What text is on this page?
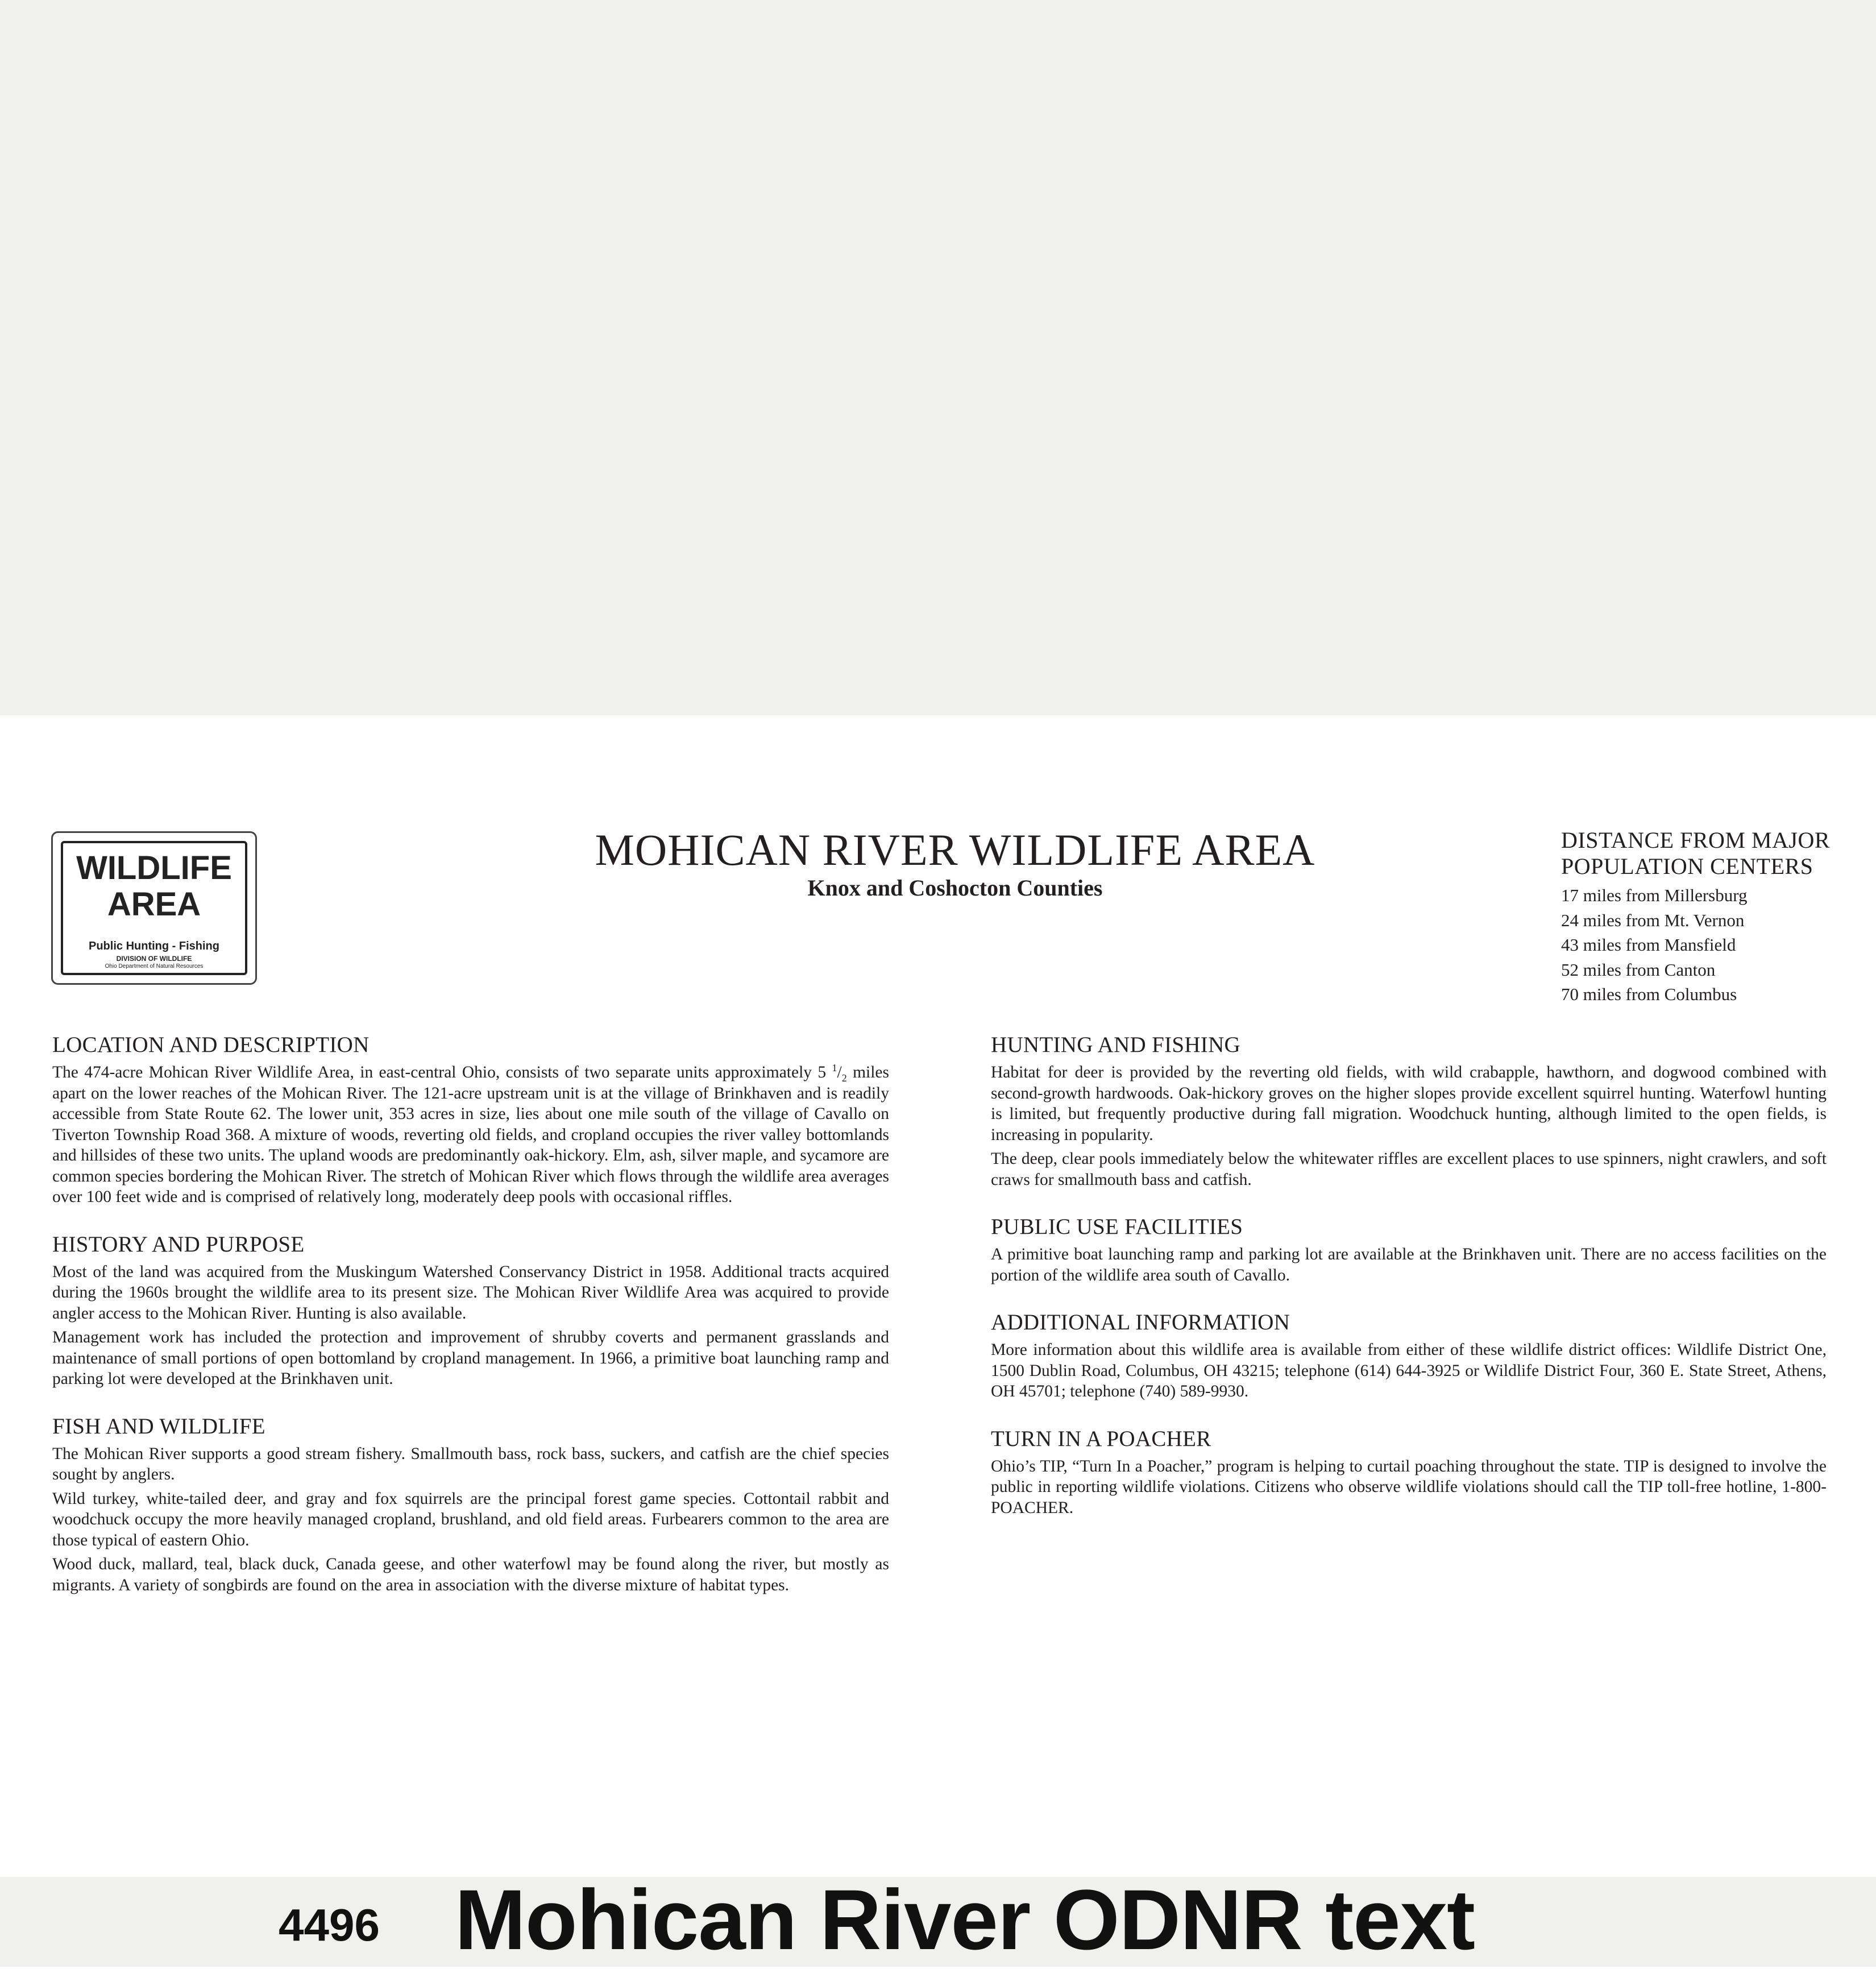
WILDLIFE
AREA
Public Hunting - Fishing
DIVISION OF WILDLIFE
Ohio Department of Natural Resources
MOHICAN RIVER WILDLIFE AREA
Knox and Coshocton Counties
DISTANCE FROM MAJOR
POPULATION CENTERS
17 miles from Millersburg
24 miles from Mt. Vernon
43 miles from Mansfield
52 miles from Canton
70 miles from Columbus
LOCATION AND DESCRIPTION

The 474-acre Mohican River Wildlife Area, in east-central Ohio, consists of two separate units approximately 5 $^1/_2$ miles apart on the lower reaches of the Mohican River. The 121-acre upstream unit is at the village of Brinkhaven and is readily accessible from State Route 62. The lower unit, 353 acres in size, lies about one mile south of the village of Cavallo on Tiverton Township Road 368. A mixture of woods, reverting old fields, and cropland occupies the river valley bottomlands and hillsides of these two units. The upland woods are predominantly oak-hickory. Elm, ash, silver maple, and sycamore are common species bordering the Mohican River. The stretch of Mohican River which flows through the wildlife area averages over 100 feet wide and is comprised of relatively long, moderately deep pools with occasional riffles.

HISTORY AND PURPOSE

Most of the land was acquired from the Muskingum Watershed Conservancy District in 1958. Additional tracts acquired during the 1960s brought the wildlife area to its present size. The Mohican River Wildlife Area was acquired to provide angler access to the Mohican River. Hunting is also available.

Management work has included the protection and improvement of shrubby coverts and permanent grasslands and maintenance of small portions of open bottomland by cropland management. In 1966, a primitive boat launching ramp and parking lot were developed at the Brinkhaven unit.

FISH AND WILDLIFE

The Mohican River supports a good stream fishery. Smallmouth bass, rock bass, suckers, and catfish are the chief species sought by anglers.

Wild turkey, white-tailed deer, and gray and fox squirrels are the principal forest game species. Cottontail rabbit and woodchuck occupy the more heavily managed cropland, brushland, and old field areas. Furbearers common to the area are those typical of eastern Ohio.

Wood duck, mallard, teal, black duck, Canada geese, and other waterfowl may be found along the river, but mostly as migrants. A variety of songbirds are found on the area in association with the diverse mixture of habitat types.

HUNTING AND FISHING

Habitat for deer is provided by the reverting old fields, with wild crabapple, hawthorn, and dogwood combined with second-growth hardwoods. Oak-hickory groves on the higher slopes provide excellent squirrel hunting. Waterfowl hunting is limited, but frequently productive during fall migration. Woodchuck hunting, although limited to the open fields, is increasing in popularity.

The deep, clear pools immediately below the whitewater riffles are excellent places to use spinners, night crawlers, and soft craws for smallmouth bass and catfish.

PUBLIC USE FACILITIES

A primitive boat launching ramp and parking lot are available at the Brinkhaven unit. There are no access facilities on the portion of the wildlife area south of Cavallo.

ADDITIONAL INFORMATION

More information about this wildlife area is available from either of these wildlife district offices: Wildlife District One, 1500 Dublin Road, Columbus, OH 43215; telephone (614) 644-3925 or Wildlife District Four, 360 E. State Street, Athens, OH 45701; telephone (740) 589-9930.

TURN IN A POACHER

Ohio’s TIP, “Turn In a Poacher,” program is helping to curtail poaching throughout the state. TIP is designed to involve the public in reporting wildlife violations. Citizens who observe wildlife violations should call the TIP toll-free hotline, 1-800-POACHER.

4496 Mohican River ODNR text
